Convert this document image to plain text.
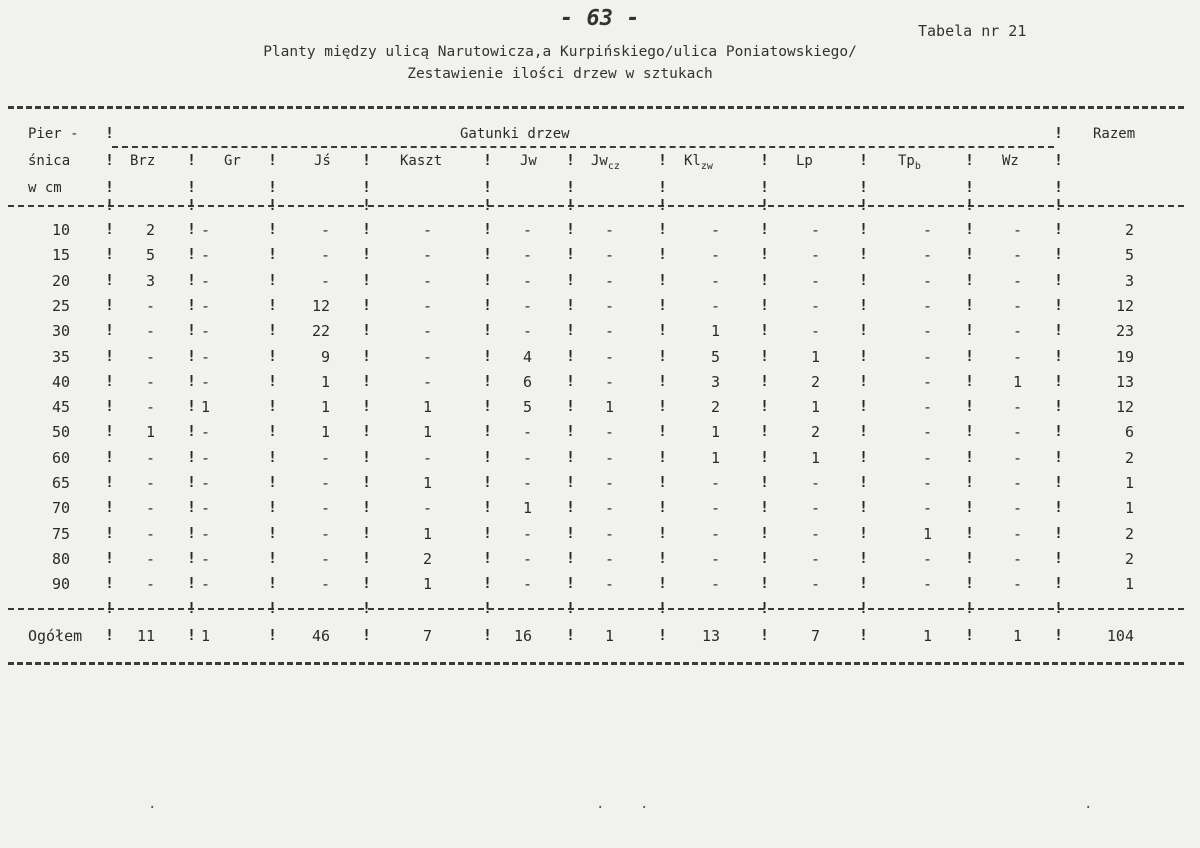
- 63 -	Tabela nr 21
Planty między ulicą Narutowicza,a Kurpińskiego/ulica Poniatowskiego/
Zestawienie ilości drzew w sztukach
Pier -
śnica
w cm
Gatunki drzew	Razem
Brz	Gr	Jś	Kaszt	Jw	$Jw_{cz}$	$Kl_{zw}$	Lp	$Tp_b$	Wz
!	!	!	!	!	!	!	!	!	!	!
!	!	!	!	!	!	!	!	!	!	!
!	!
!	!	!	!	!	!	!	!	!	!	!
10	2	-	-	-	-	-	-	-	-	-	2
!	!	!	!	!	!	!	!	!	!	!
15	5	-	-	-	-	-	-	-	-	-	5
!	!	!	!	!	!	!	!	!	!	!
20	3	-	-	-	-	-	-	-	-	-	3
!	!	!	!	!	!	!	!	!	!	!
25	-	-	12	-	-	-	-	-	-	-	12
!	!	!	!	!	!	!	!	!	!	!
30	-	-	22	-	-	-	1	-	-	-	23
!	!	!	!	!	!	!	!	!	!	!
35	-	-	9	-	4	-	5	1	-	-	19
!	!	!	!	!	!	!	!	!	!	!
40	-	-	1	-	6	-	3	2	-	1	13
!	!	!	!	!	!	!	!	!	!	!
45	-	1	1	1	5	1	2	1	-	-	12
!	!	!	!	!	!	!	!	!	!	!
50	1	-	1	1	-	-	1	2	-	-	6
!	!	!	!	!	!	!	!	!	!	!
60	-	-	-	-	-	-	1	1	-	-	2
!	!	!	!	!	!	!	!	!	!	!
65	-	-	-	1	-	-	-	-	-	-	1
!	!	!	!	!	!	!	!	!	!	!
70	-	-	-	-	1	-	-	-	-	-	1
!	!	!	!	!	!	!	!	!	!	!
75	-	-	-	1	-	-	-	-	1	-	2
!	!	!	!	!	!	!	!	!	!	!
80	-	-	-	2	-	-	-	-	-	-	2
!	!	!	!	!	!	!	!	!	!	!
90	-	-	-	1	-	-	-	-	-	-	1
!	!	!	!	!	!	!	!	!	!	!
!	!	!	!	!	!	!	!	!	!	!
Ogółem	11	1	46	7	16	1	13	7	1	1	104
!	!	!	!	!	!	!	!	!	!	!
·	·	·	·
